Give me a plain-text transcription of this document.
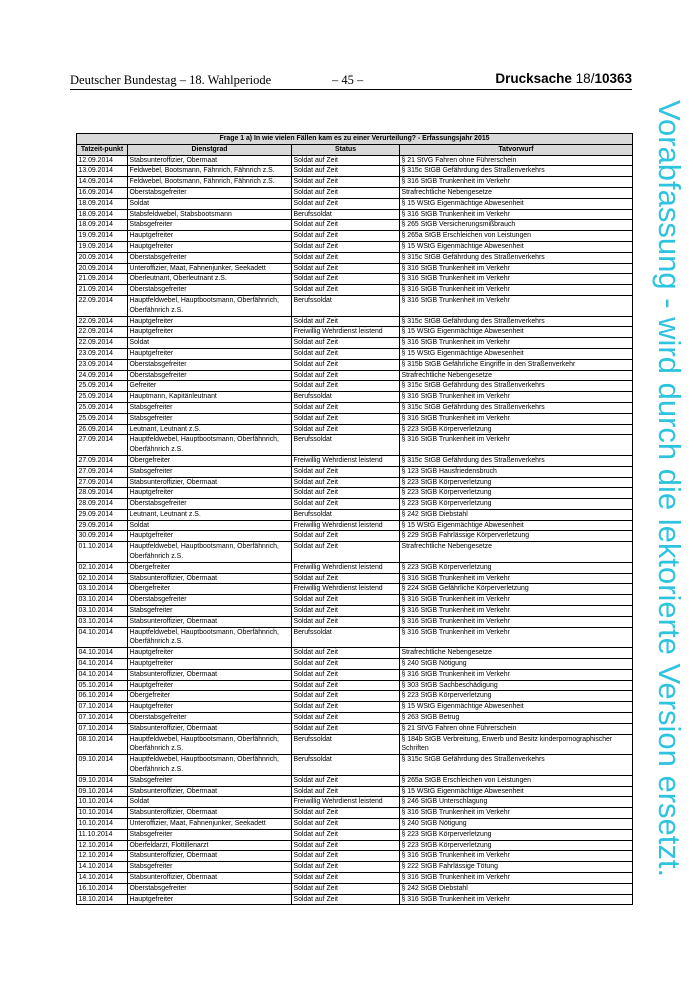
Deutscher Bundestag – 18. Wahlperiode	– 45 –	Drucksache 18/10363
Vorabfassung - wird durch die lektorierte Version ersetzt.
Frage 1 a) In wie vielen Fällen kam es zu einer Verurteilung? - Erfassungsjahr 2015			
Tatzeit-punkt	Dienstgrad	Status	Tatvorwurf
12.09.2014	Stabsunteroffizier, Obermaat	Soldat auf Zeit	§ 21 StVG Fahren ohne Führerschein
13.09.2014	Feldwebel, Bootsmann, Fähnrich, Fähnrich z.S.	Soldat auf Zeit	§ 315c StGB Gefährdung des Straßenverkehrs
14.09.2014	Feldwebel, Bootsmann, Fähnrich, Fähnrich z.S.	Soldat auf Zeit	§ 316 StGB Trunkenheit im Verkehr
16.09.2014	Oberstabsgefreiter	Soldat auf Zeit	Strafrechtliche Nebengesetze
18.09.2014	Soldat	Soldat auf Zeit	§ 15 WStG Eigenmächtige Abwesenheit
18.09.2014	Stabsfeldwebel, Stabsbootsmann	Berufssoldat	§ 316 StGB Trunkenheit im Verkehr
18.09.2014	Stabsgefreiter	Soldat auf Zeit	§ 265 StGB Versicherungsmißbrauch
19.09.2014	Hauptgefreiter	Soldat auf Zeit	§ 265a StGB Erschleichen von Leistungen
19.09.2014	Hauptgefreiter	Soldat auf Zeit	§ 15 WStG Eigenmächtige Abwesenheit
20.09.2014	Oberstabsgefreiter	Soldat auf Zeit	§ 315c StGB Gefährdung des Straßenverkehrs
20.09.2014	Unteroffizier, Maat, Fahnenjunker, Seekadett	Soldat auf Zeit	§ 316 StGB Trunkenheit im Verkehr
21.09.2014	Oberleutnant, Oberleutnant z.S.	Soldat auf Zeit	§ 316 StGB Trunkenheit im Verkehr
21.09.2014	Oberstabsgefreiter	Soldat auf Zeit	§ 316 StGB Trunkenheit im Verkehr
22.09.2014	Hauptfeldwebel, Hauptbootsmann, Oberfähnrich, Oberfähnrich z.S.	Berufssoldat	§ 316 StGB Trunkenheit im Verkehr
22.09.2014	Hauptgefreiter	Soldat auf Zeit	§ 315c StGB Gefährdung des Straßenverkehrs
22.09.2014	Hauptgefreiter	Freiwillig Wehrdienst leistend	§ 15 WStG Eigenmächtige Abwesenheit
22.09.2014	Soldat	Soldat auf Zeit	§ 316 StGB Trunkenheit im Verkehr
23.09.2014	Hauptgefreiter	Soldat auf Zeit	§ 15 WStG Eigenmächtige Abwesenheit
23.09.2014	Oberstabsgefreiter	Soldat auf Zeit	§ 315b StGB Gefährliche Eingriffe in den Straßenverkehr
24.09.2014	Oberstabsgefreiter	Soldat auf Zeit	Strafrechtliche Nebengesetze
25.09.2014	Gefreiter	Soldat auf Zeit	§ 315c StGB Gefährdung des Straßenverkehrs
25.09.2014	Hauptmann, Kapitänleutnant	Berufssoldat	§ 316 StGB Trunkenheit im Verkehr
25.09.2014	Stabsgefreiter	Soldat auf Zeit	§ 315c StGB Gefährdung des Straßenverkehrs
25.09.2014	Stabsgefreiter	Soldat auf Zeit	§ 316 StGB Trunkenheit im Verkehr
26.09.2014	Leutnant, Leutnant z.S.	Soldat auf Zeit	§ 223 StGB Körperverletzung
27.09.2014	Hauptfeldwebel, Hauptbootsmann, Oberfähnrich, Oberfähnrich z.S.	Berufssoldat	§ 316 StGB Trunkenheit im Verkehr
27.09.2014	Obergefreiter	Freiwillig Wehrdienst leistend	§ 315c StGB Gefährdung des Straßenverkehrs
27.09.2014	Stabsgefreiter	Soldat auf Zeit	§ 123 StGB Hausfriedensbruch
27.09.2014	Stabsunteroffizier, Obermaat	Soldat auf Zeit	§ 223 StGB Körperverletzung
28.09.2014	Hauptgefreiter	Soldat auf Zeit	§ 223 StGB Körperverletzung
28.09.2014	Oberstabsgefreiter	Soldat auf Zeit	§ 223 StGB Körperverletzung
29.09.2014	Leutnant, Leutnant z.S.	Berufssoldat	§ 242 StGB Diebstahl
29.09.2014	Soldat	Freiwillig Wehrdienst leistend	§ 15 WStG Eigenmächtige Abwesenheit
30.09.2014	Hauptgefreiter	Soldat auf Zeit	§ 229 StGB Fahrlässige Körperverletzung
01.10.2014	Hauptfeldwebel, Hauptbootsmann, Oberfähnrich, Oberfähnrich z.S.	Soldat auf Zeit	Strafrechtliche Nebengesetze
02.10.2014	Obergefreiter	Freiwillig Wehrdienst leistend	§ 223 StGB Körperverletzung
02.10.2014	Stabsunteroffizier, Obermaat	Soldat auf Zeit	§ 316 StGB Trunkenheit im Verkehr
03.10.2014	Obergefreiter	Freiwillig Wehrdienst leistend	§ 224 StGB Gefährliche Körperverletzung
03.10.2014	Oberstabsgefreiter	Soldat auf Zeit	§ 316 StGB Trunkenheit im Verkehr
03.10.2014	Stabsgefreiter	Soldat auf Zeit	§ 316 StGB Trunkenheit im Verkehr
03.10.2014	Stabsunteroffizier, Obermaat	Soldat auf Zeit	§ 316 StGB Trunkenheit im Verkehr
04.10.2014	Hauptfeldwebel, Hauptbootsmann, Oberfähnrich, Oberfähnrich z.S.	Berufssoldat	§ 316 StGB Trunkenheit im Verkehr
04.10.2014	Hauptgefreiter	Soldat auf Zeit	Strafrechtliche Nebengesetze
04.10.2014	Hauptgefreiter	Soldat auf Zeit	§ 240 StGB Nötigung
04.10.2014	Stabsunteroffizier, Obermaat	Soldat auf Zeit	§ 316 StGB Trunkenheit im Verkehr
05.10.2014	Hauptgefreiter	Soldat auf Zeit	§ 303 StGB Sachbeschädigung
06.10.2014	Obergefreiter	Soldat auf Zeit	§ 223 StGB Körperverletzung
07.10.2014	Hauptgefreiter	Soldat auf Zeit	§ 15 WStG Eigenmächtige Abwesenheit
07.10.2014	Oberstabsgefreiter	Soldat auf Zeit	§ 263 StGB Betrug
07.10.2014	Stabsunteroffizier, Obermaat	Soldat auf Zeit	§ 21 StVG Fahren ohne Führerschein
08.10.2014	Hauptfeldwebel, Hauptbootsmann, Oberfähnrich, Oberfähnrich z.S.	Berufssoldat	§ 184b StGB Verbreitung, Erwerb und Besitz kinderpornographischer Schriften
09.10.2014	Hauptfeldwebel, Hauptbootsmann, Oberfähnrich, Oberfähnrich z.S.	Berufssoldat	§ 315c StGB Gefährdung des Straßenverkehrs
09.10.2014	Stabsgefreiter	Soldat auf Zeit	§ 265a StGB Erschleichen von Leistungen
09.10.2014	Stabsunteroffizier, Obermaat	Soldat auf Zeit	§ 15 WStG Eigenmächtige Abwesenheit
10.10.2014	Soldat	Freiwillig Wehrdienst leistend	§ 246 StGB Unterschlagung
10.10.2014	Stabsunteroffizier, Obermaat	Soldat auf Zeit	§ 316 StGB Trunkenheit im Verkehr
10.10.2014	Unteroffizier, Maat, Fahnenjunker, Seekadett	Soldat auf Zeit	§ 240 StGB Nötigung
11.10.2014	Stabsgefreiter	Soldat auf Zeit	§ 223 StGB Körperverletzung
12.10.2014	Oberfeldarzt, Flottillenarzt	Soldat auf Zeit	§ 223 StGB Körperverletzung
12.10.2014	Stabsunteroffizier, Obermaat	Soldat auf Zeit	§ 316 StGB Trunkenheit im Verkehr
14.10.2014	Stabsgefreiter	Soldat auf Zeit	§ 222 StGB Fahrlässige Tötung
14.10.2014	Stabsunteroffizier, Obermaat	Soldat auf Zeit	§ 316 StGB Trunkenheit im Verkehr
16.10.2014	Oberstabsgefreiter	Soldat auf Zeit	§ 242 StGB Diebstahl
18.10.2014	Hauptgefreiter	Soldat auf Zeit	§ 316 StGB Trunkenheit im Verkehr
